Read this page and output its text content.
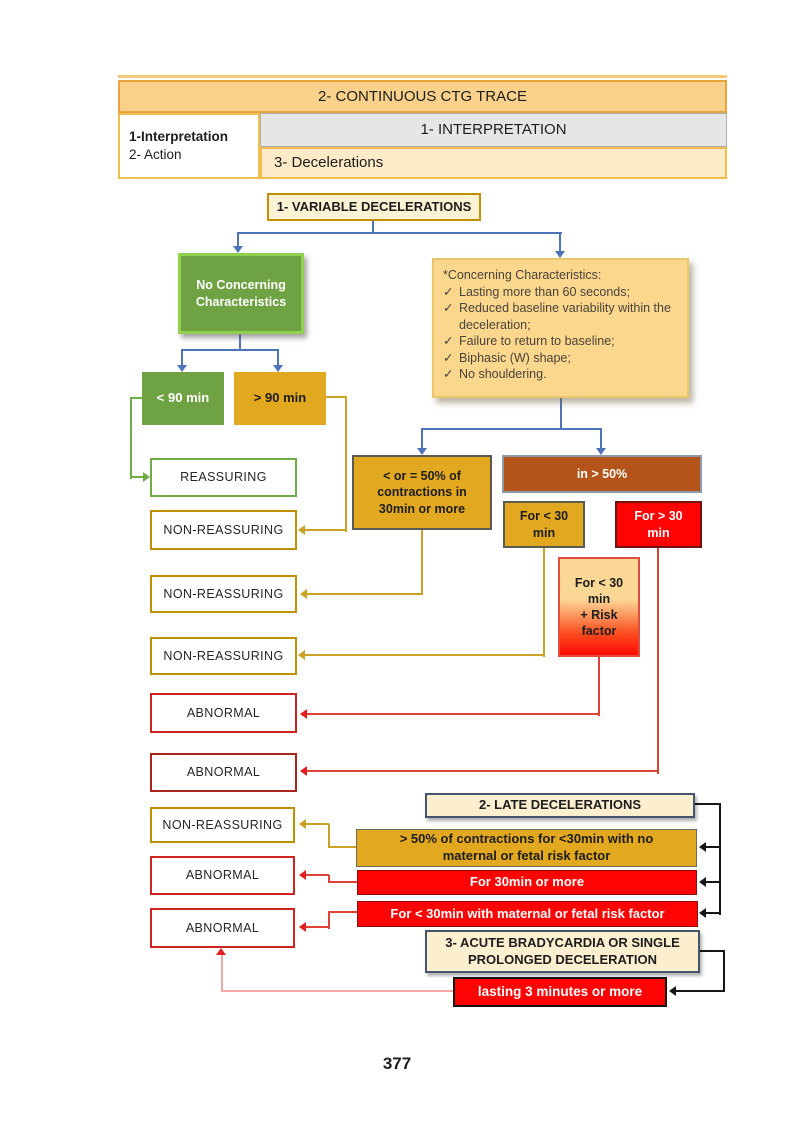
2- CONTINUOUS CTG TRACE
1-Interpretation
2- Action
1- INTERPRETATION
3- Decelerations
1- VARIABLE DECELERATIONS
No Concerning Characteristics
*Concerning Characteristics:
✓ Lasting more than 60 seconds;
✓ Reduced baseline variability within the deceleration;
✓ Failure to return to baseline;
✓ Biphasic (W) shape;
✓ No shouldering.
< 90 min	> 90 min
< or = 50% of contractions in 30min or more
in > 50%
For < 30 min
For > 30 min
For < 30
min
+ Risk
factor
REASSURING
NON-REASSURING
NON-REASSURING
NON-REASSURING
ABNORMAL
ABNORMAL
NON-REASSURING
ABNORMAL
ABNORMAL
2- LATE DECELERATIONS
> 50% of contractions for <30min with no maternal or fetal risk factor
For 30min or more
For < 30min with maternal or fetal risk factor
3- ACUTE BRADYCARDIA OR SINGLE PROLONGED DECELERATION
lasting 3 minutes or more
377
